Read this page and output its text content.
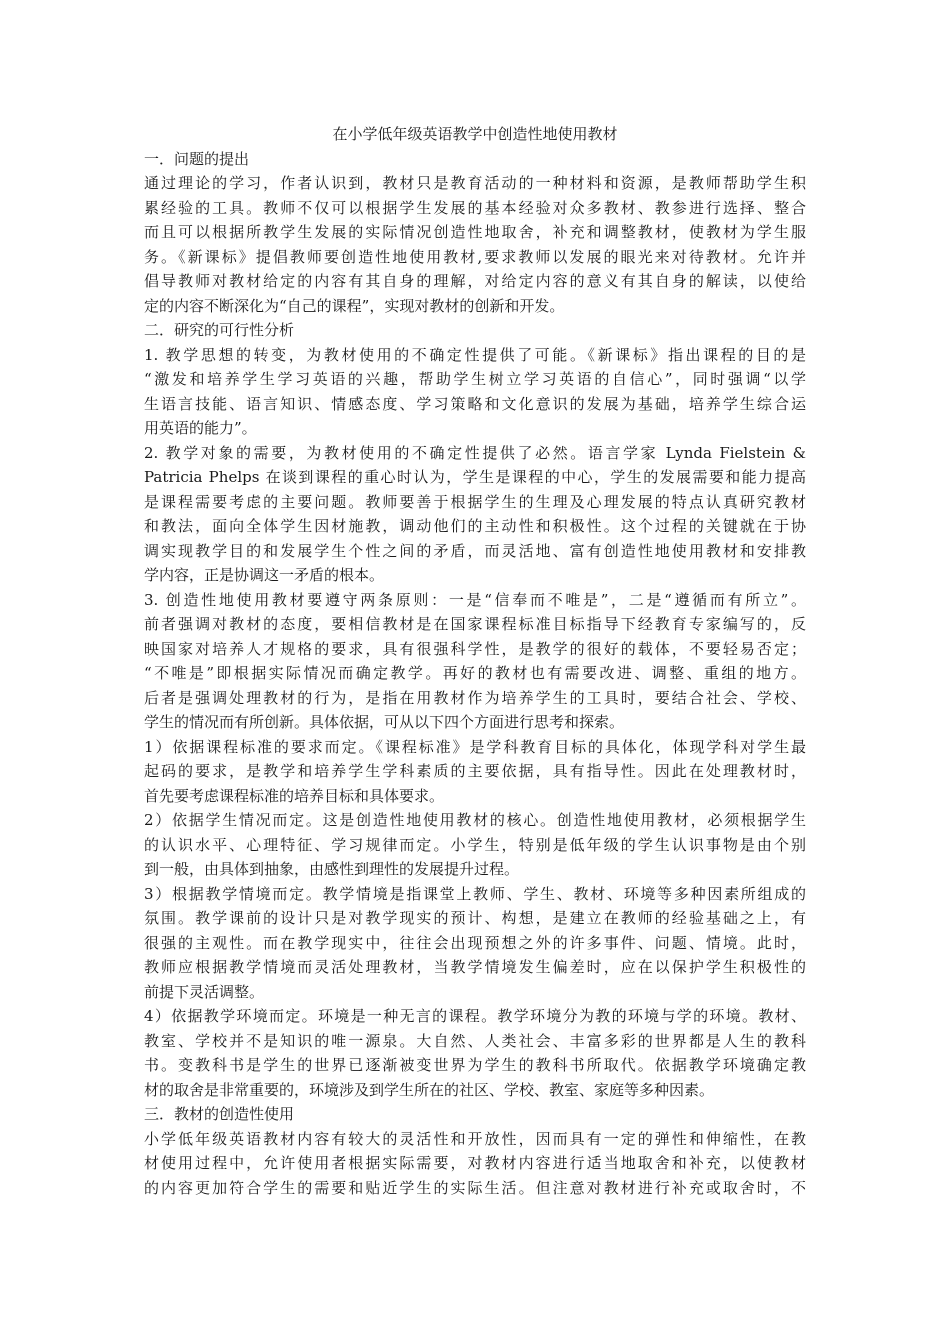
在小学低年级英语教学中创造性地使用教材

一．问题的提出

通过理论的学习，作者认识到，教材只是教育活动的一种材料和资源，是教师帮助学生积

累经验的工具。教师不仅可以根据学生发展的基本经验对众多教材、教参进行选择、整合

而且可以根据所教学生发展的实际情况创造性地取舍，补充和调整教材，使教材为学生服

务。《新课标》提倡教师要创造性地使用教材,要求教师以发展的眼光来对待教材。允许并

倡导教师对教材给定的内容有其自身的理解，对给定内容的意义有其自身的解读，以使给

定的内容不断深化为“自己的课程”，实现对教材的创新和开发。

二．研究的可行性分析

1. 教学思想的转变，为教材使用的不确定性提供了可能。《新课标》指出课程的目的是

“激发和培养学生学习英语的兴趣，帮助学生树立学习英语的自信心”，同时强调“以学

生语言技能、语言知识、情感态度、学习策略和文化意识的发展为基础，培养学生综合运

用英语的能力”。

2. 教学对象的需要，为教材使用的不确定性提供了必然。语言学家 Lynda Fielstein &

Patricia Phelps 在谈到课程的重心时认为，学生是课程的中心，学生的发展需要和能力提高

是课程需要考虑的主要问题。教师要善于根据学生的生理及心理发展的特点认真研究教材

和教法，面向全体学生因材施教，调动他们的主动性和积极性。这个过程的关键就在于协

调实现教学目的和发展学生个性之间的矛盾，而灵活地、富有创造性地使用教材和安排教

学内容，正是协调这一矛盾的根本。

3. 创造性地使用教材要遵守两条原则：一是“信奉而不唯是”，二是“遵循而有所立”。

前者强调对教材的态度，要相信教材是在国家课程标准目标指导下经教育专家编写的，反

映国家对培养人才规格的要求，具有很强科学性，是教学的很好的载体，不要轻易否定；

“不唯是”即根据实际情况而确定教学。再好的教材也有需要改进、调整、重组的地方。

后者是强调处理教材的行为，是指在用教材作为培养学生的工具时，要结合社会、学校、

学生的情况而有所创新。具体依据，可从以下四个方面进行思考和探索。

1）依据课程标准的要求而定。《课程标准》是学科教育目标的具体化，体现学科对学生最

起码的要求，是教学和培养学生学科素质的主要依据，具有指导性。因此在处理教材时，

首先要考虑课程标准的培养目标和具体要求。

2）依据学生情况而定。这是创造性地使用教材的核心。创造性地使用教材，必须根据学生

的认识水平、心理特征、学习规律而定。小学生，特别是低年级的学生认识事物是由个别

到一般，由具体到抽象，由感性到理性的发展提升过程。

3）根据教学情境而定。教学情境是指课堂上教师、学生、教材、环境等多种因素所组成的

氛围。教学课前的设计只是对教学现实的预计、构想，是建立在教师的经验基础之上，有

很强的主观性。而在教学现实中，往往会出现预想之外的许多事件、问题、情境。此时，

教师应根据教学情境而灵活处理教材，当教学情境发生偏差时，应在以保护学生积极性的

前提下灵活调整。

4）依据教学环境而定。环境是一种无言的课程。教学环境分为教的环境与学的环境。教材、

教室、学校并不是知识的唯一源泉。大自然、人类社会、丰富多彩的世界都是人生的教科

书。变教科书是学生的世界已逐渐被变世界为学生的教科书所取代。依据教学环境确定教

材的取舍是非常重要的，环境涉及到学生所在的社区、学校、教室、家庭等多种因素。

三．教材的创造性使用

小学低年级英语教材内容有较大的灵活性和开放性，因而具有一定的弹性和伸缩性，在教

材使用过程中，允许使用者根据实际需要，对教材内容进行适当地取舍和补充，以使教材

的内容更加符合学生的需要和贴近学生的实际生活。但注意对教材进行补充或取舍时，不
